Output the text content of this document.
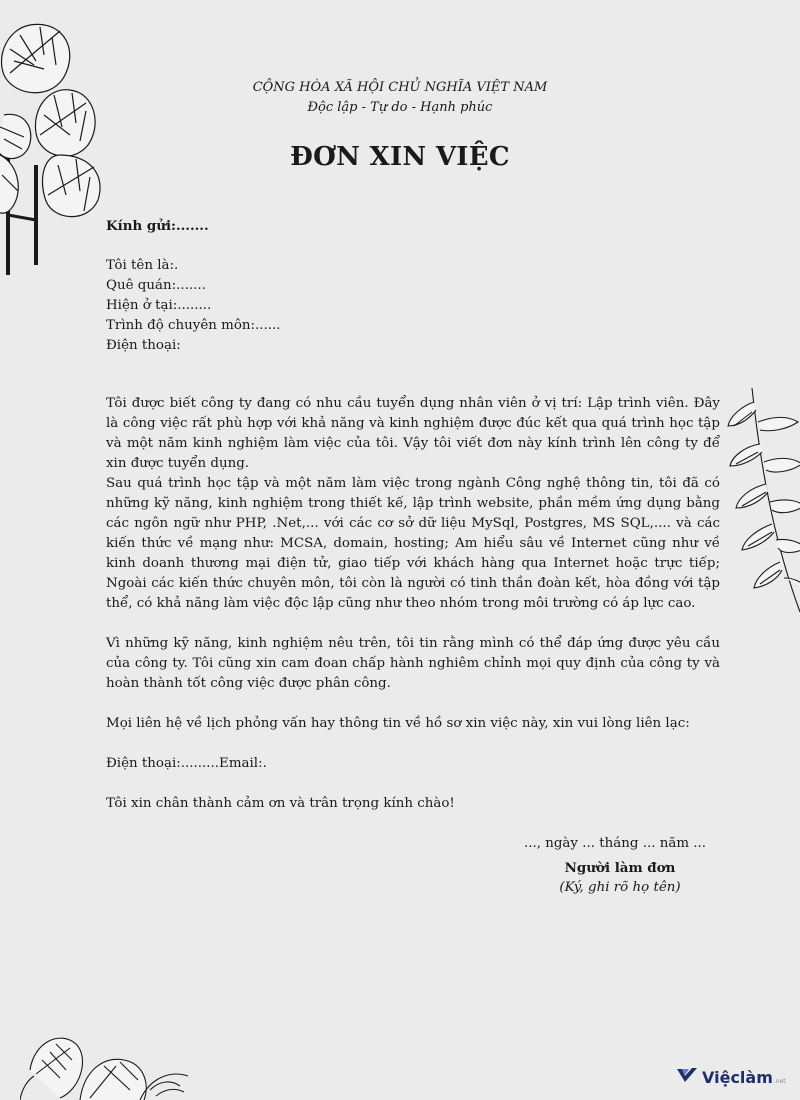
CỘNG HÒA XÃ HỘI CHỦ NGHĨA VIỆT NAM
Độc lập - Tự do - Hạnh phúc
ĐƠN XIN VIỆC
Kính gửi:.......
Tôi tên là:.
Quê quán:.......
Hiện ở tại:........
Trình độ chuyên môn:......
Điện thoại:
Tôi được biết công ty đang có nhu cầu tuyển dụng nhân viên ở vị trí: Lập trình viên. Đây là công việc rất phù hợp với khả năng và kinh nghiệm được đúc kết qua quá trình học tập và một năm kinh nghiệm làm việc của tôi. Vậy tôi viết đơn này kính trình lên công ty để xin được tuyển dụng.
Sau quá trình học tập và một năm làm việc trong ngành Công nghệ thông tin, tôi đã có những kỹ năng, kinh nghiệm trong thiết kế, lập trình website, phần mềm ứng dụng bằng các ngôn ngữ như PHP, .Net,... với các cơ sở dữ liệu MySql, Postgres, MS SQL,.... và các kiến thức về mạng như: MCSA, domain, hosting; Am hiểu sâu về Internet cũng như về kinh doanh thương mại điện tử, giao tiếp với khách hàng qua Internet hoặc trực tiếp; Ngoài các kiến thức chuyên môn, tôi còn là người có tinh thần đoàn kết, hòa đồng với tập thể, có khả năng làm việc độc lập cũng như theo nhóm trong môi trường có áp lực cao.
Vì những kỹ năng, kinh nghiệm nêu trên, tôi tin rằng mình có thể đáp ứng được yêu cầu của công ty. Tôi cũng xin cam đoan chấp hành nghiêm chỉnh mọi quy định của công ty và hoàn thành tốt công việc được phân công.
Mọi liên hệ về lịch phỏng vấn hay thông tin về hồ sơ xin việc này, xin vui lòng liên lạc:
Điện thoại:.........Email:.
Tôi xin chân thành cảm ơn và trân trọng kính chào!
..., ngày ... tháng ... năm ...
Người làm đơn
(Ký, ghi rõ họ tên)
Việclàm .net
